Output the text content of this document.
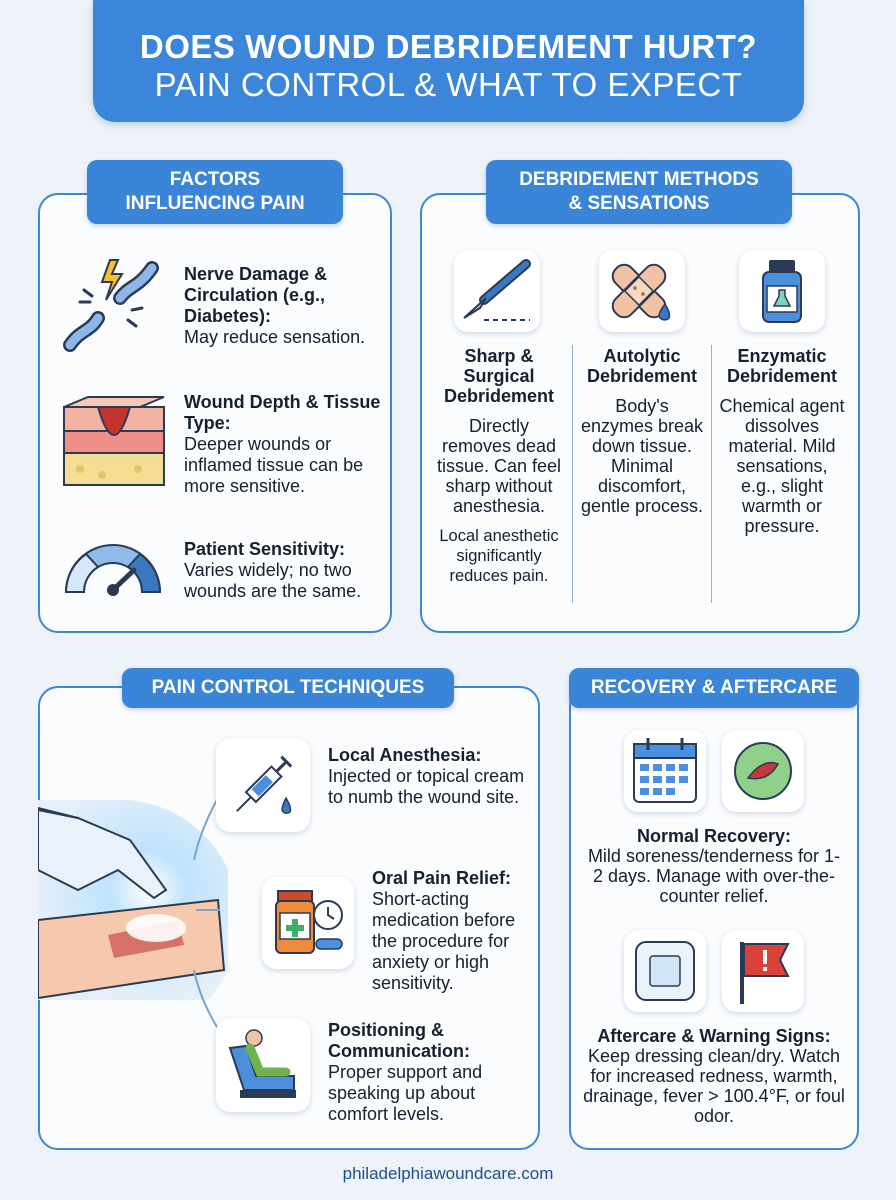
DOES WOUND DEBRIDEMENT HURT?
PAIN CONTROL & WHAT TO EXPECT
FACTORS
INFLUENCING PAIN
Nerve Damage & Circulation (e.g., Diabetes):
May reduce sensation.
Wound Depth & Tissue Type:
Deeper wounds or inflamed tissue can be more sensitive.
Patient Sensitivity:
Varies widely; no two wounds are the same.
DEBRIDEMENT METHODS
& SENSATIONS
Sharp & Surgical Debridement
Directly removes dead tissue. Can feel sharp without anesthesia.
Local anesthetic significantly reduces pain.
Autolytic Debridement
Body's enzymes break down tissue. Minimal discomfort, gentle process.
Enzymatic Debridement
Chemical agent dissolves material. Mild sensations, e.g., slight warmth or pressure.
PAIN CONTROL TECHNIQUES
Local Anesthesia:
Injected or topical cream to numb the wound site.
Oral Pain Relief:
Short-acting medication before the procedure for anxiety or high sensitivity.
Positioning & Communication:
Proper support and speaking up about comfort levels.
RECOVERY & AFTERCARE
Normal Recovery:
Mild soreness/tenderness for 1-2 days. Manage with over-the-counter relief.
Aftercare & Warning Signs:
Keep dressing clean/dry. Watch for increased redness, warmth, drainage, fever > 100.4°F, or foul odor.
philadelphiawoundcare.com
